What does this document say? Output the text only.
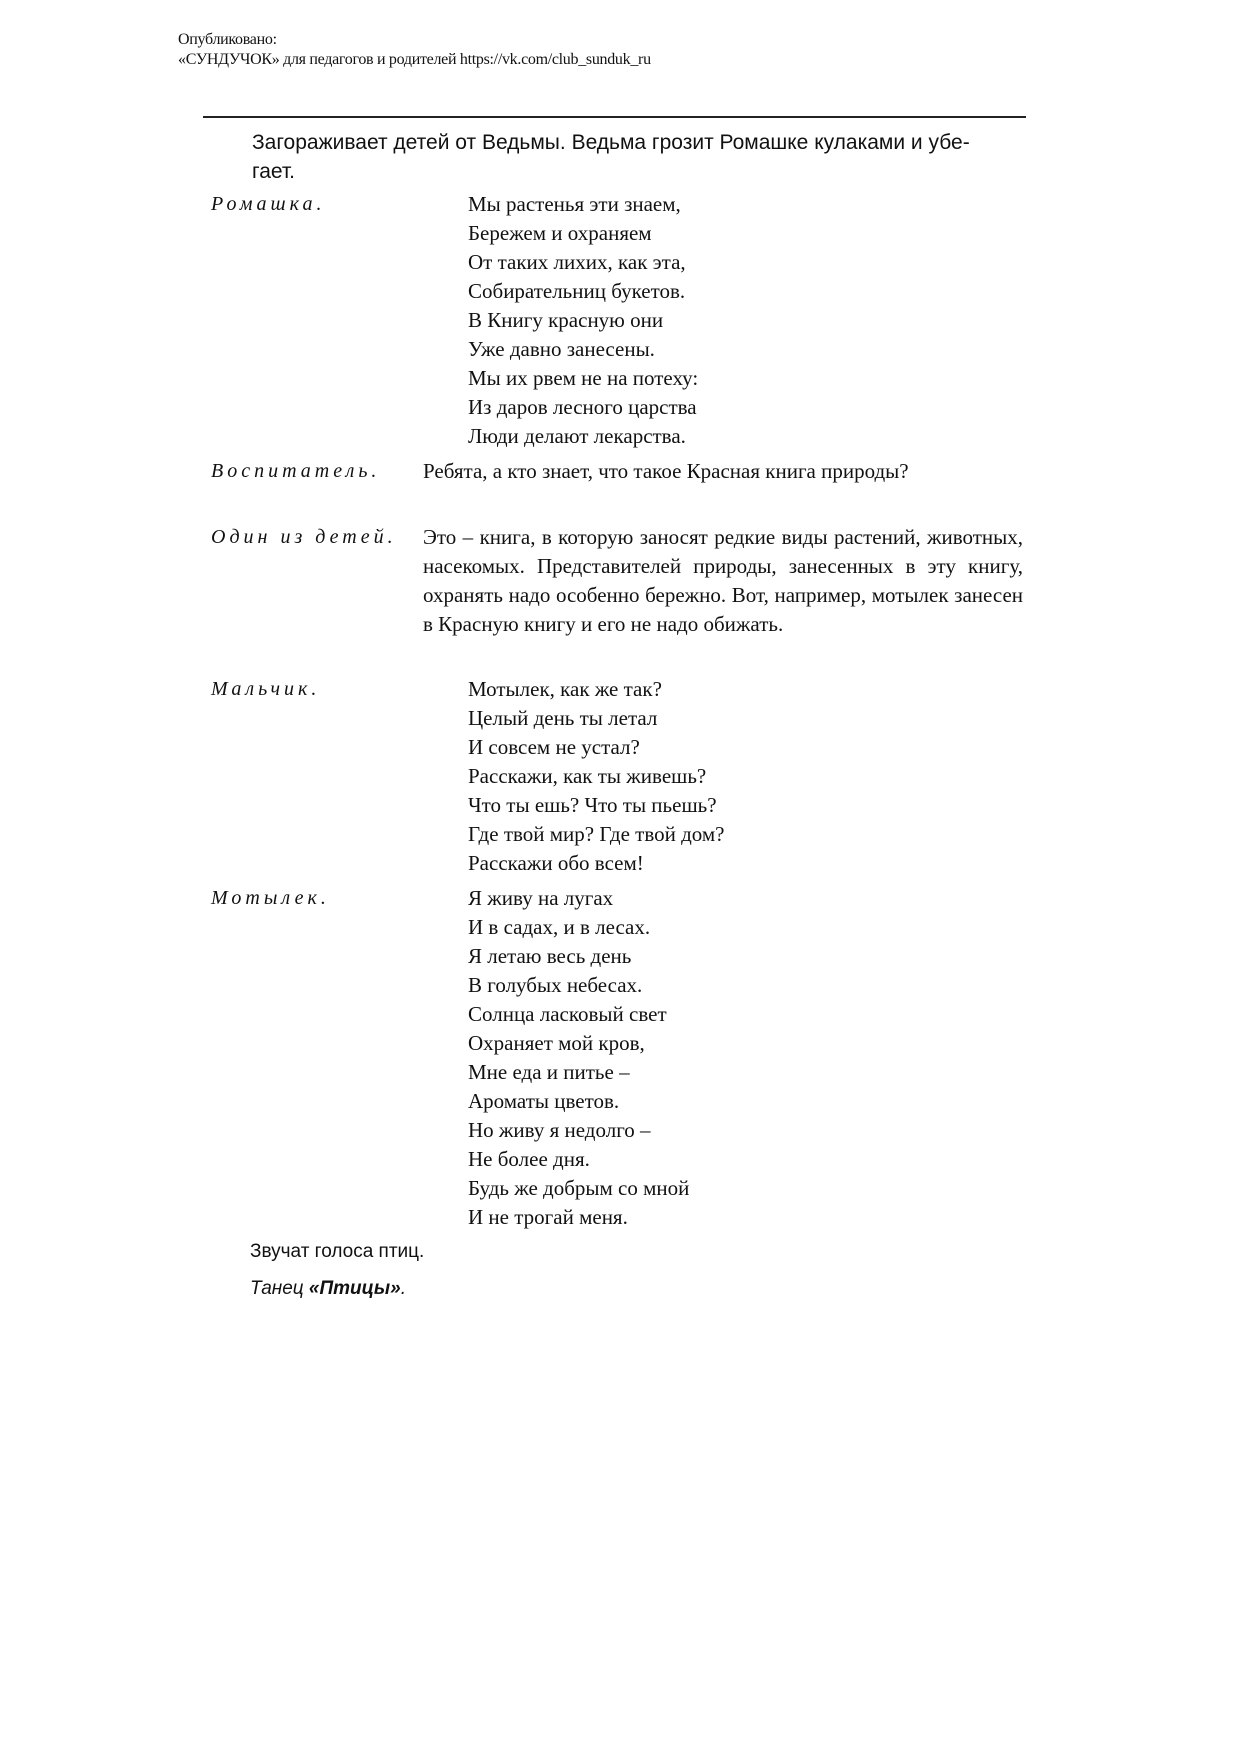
Опубликовано:
«СУНДУЧОК» для педагогов и родителей https://vk.com/club_sunduk_ru
Загораживает детей от Ведьмы. Ведьма грозит Ромашке кулаками и убе-
гает.
Ромашка.	Мы растенья эти знаем,
Бережем и охраняем
От таких лихих, как эта,
Собирательниц букетов.
В Книгу красную они
Уже давно занесены.
Мы их рвем не на потеху:
Из даров лесного царства
Люди делают лекарства.
Воспитатель. Ребята, а кто знает, что такое Красная книга природы?
Один из детей. Это – книга, в которую заносят редкие виды растений, животных, насекомых. Представителей природы, занесенных в эту книгу, охранять надо особенно бережно. Вот, например, мотылек занесен в Красную книгу и его не надо обижать.
Мальчик.	Мотылек, как же так?
Целый день ты летал
И совсем не устал?
Расскажи, как ты живешь?
Что ты ешь? Что ты пьешь?
Где твой мир? Где твой дом?
Расскажи обо всем!
Мотылек.	Я живу на лугах
И в садах, и в лесах.
Я летаю весь день
В голубых небесах.
Солнца ласковый свет
Охраняет мой кров,
Мне еда и питье –
Ароматы цветов.
Но живу я недолго –
Не более дня.
Будь же добрым со мной
И не трогай меня.
Звучат голоса птиц.
Танец «Птицы».
